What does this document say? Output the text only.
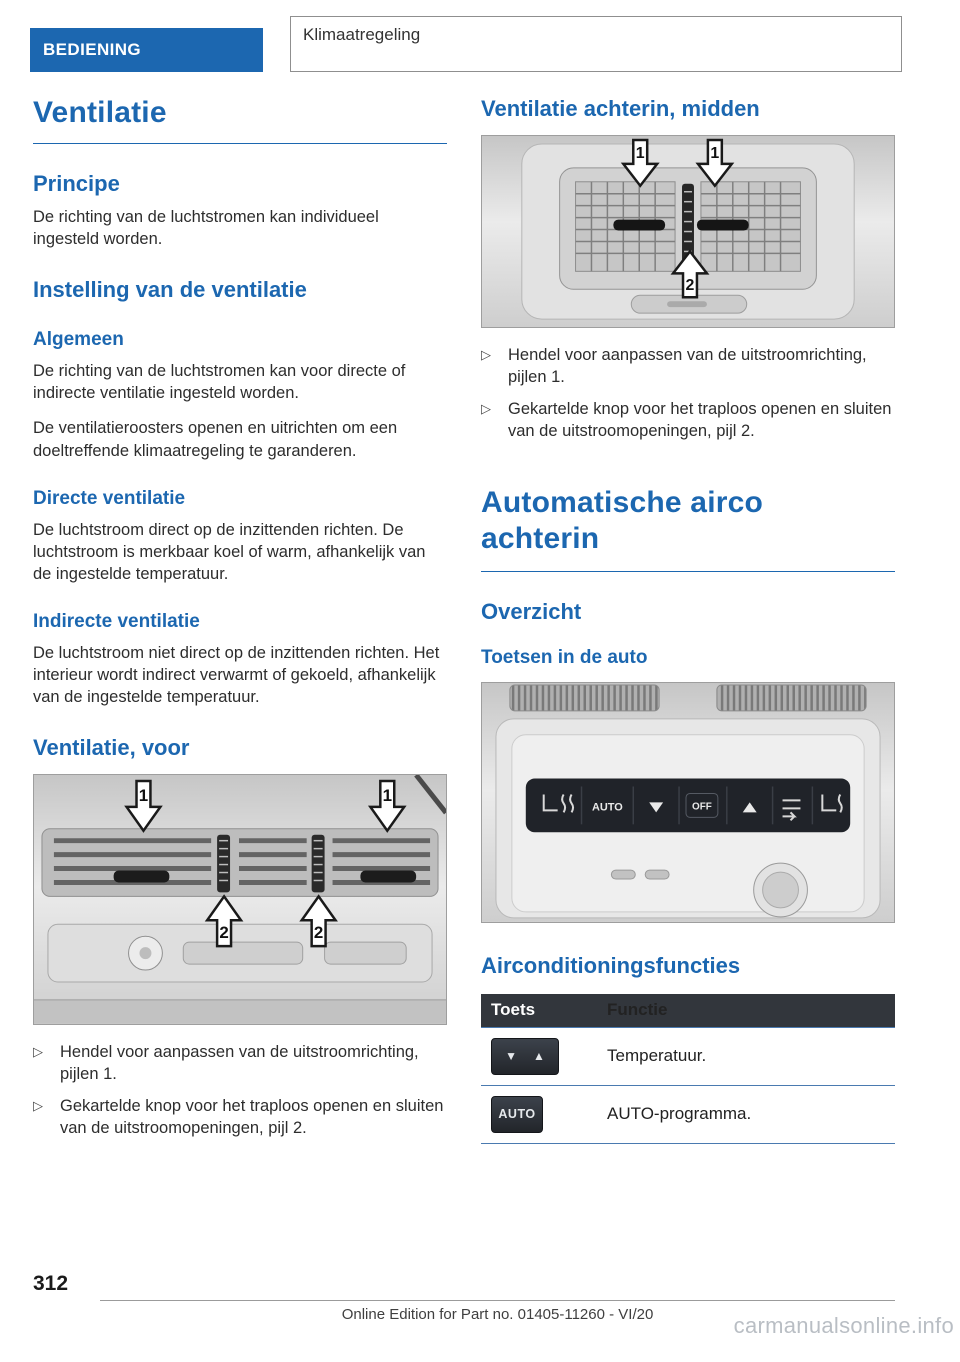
BEDIENING
Klimaatregeling
Ventilatie
Principe

De richting van de luchtstromen kan individueel ingesteld worden.

Instelling van de ventilatie
Algemeen

De richting van de luchtstromen kan voor directe of indirecte ventilatie ingesteld worden.

De ventilatieroosters openen en uitrichten om een doeltreffende klimaatregeling te garanderen.

Directe ventilatie

De luchtstroom direct op de inzittenden richten. De luchtstroom is merkbaar koel of warm, afhankelijk van de ingestelde temperatuur.

Indirecte ventilatie

De luchtstroom niet direct op de inzittenden richten. Het interieur wordt indirect verwarmt of gekoeld, afhankelijk van de ingestelde temperatuur.

Ventilatie, voor
1	1
2	2
▷	Hendel voor aanpassen van de uitstroomrichting, pijlen 1.
▷	Gekartelde knop voor het traploos openen en sluiten van de uitstroomopeningen, pijl 2.
Ventilatie achterin, midden
1	1
2
▷	Hendel voor aanpassen van de uitstroomrichting, pijlen 1.
▷	Gekartelde knop voor het traploos openen en sluiten van de uitstroomopeningen, pijl 2.
Automatische airco achterin
Overzicht
Toetsen in de auto
AUTO	OFF
Airconditioningsfuncties
Toets	Functie
▼ ▲	Temperatuur.
AUTO	AUTO-programma.
312
Online Edition for Part no. 01405-11260 - VI/20	carmanualsonline.info
